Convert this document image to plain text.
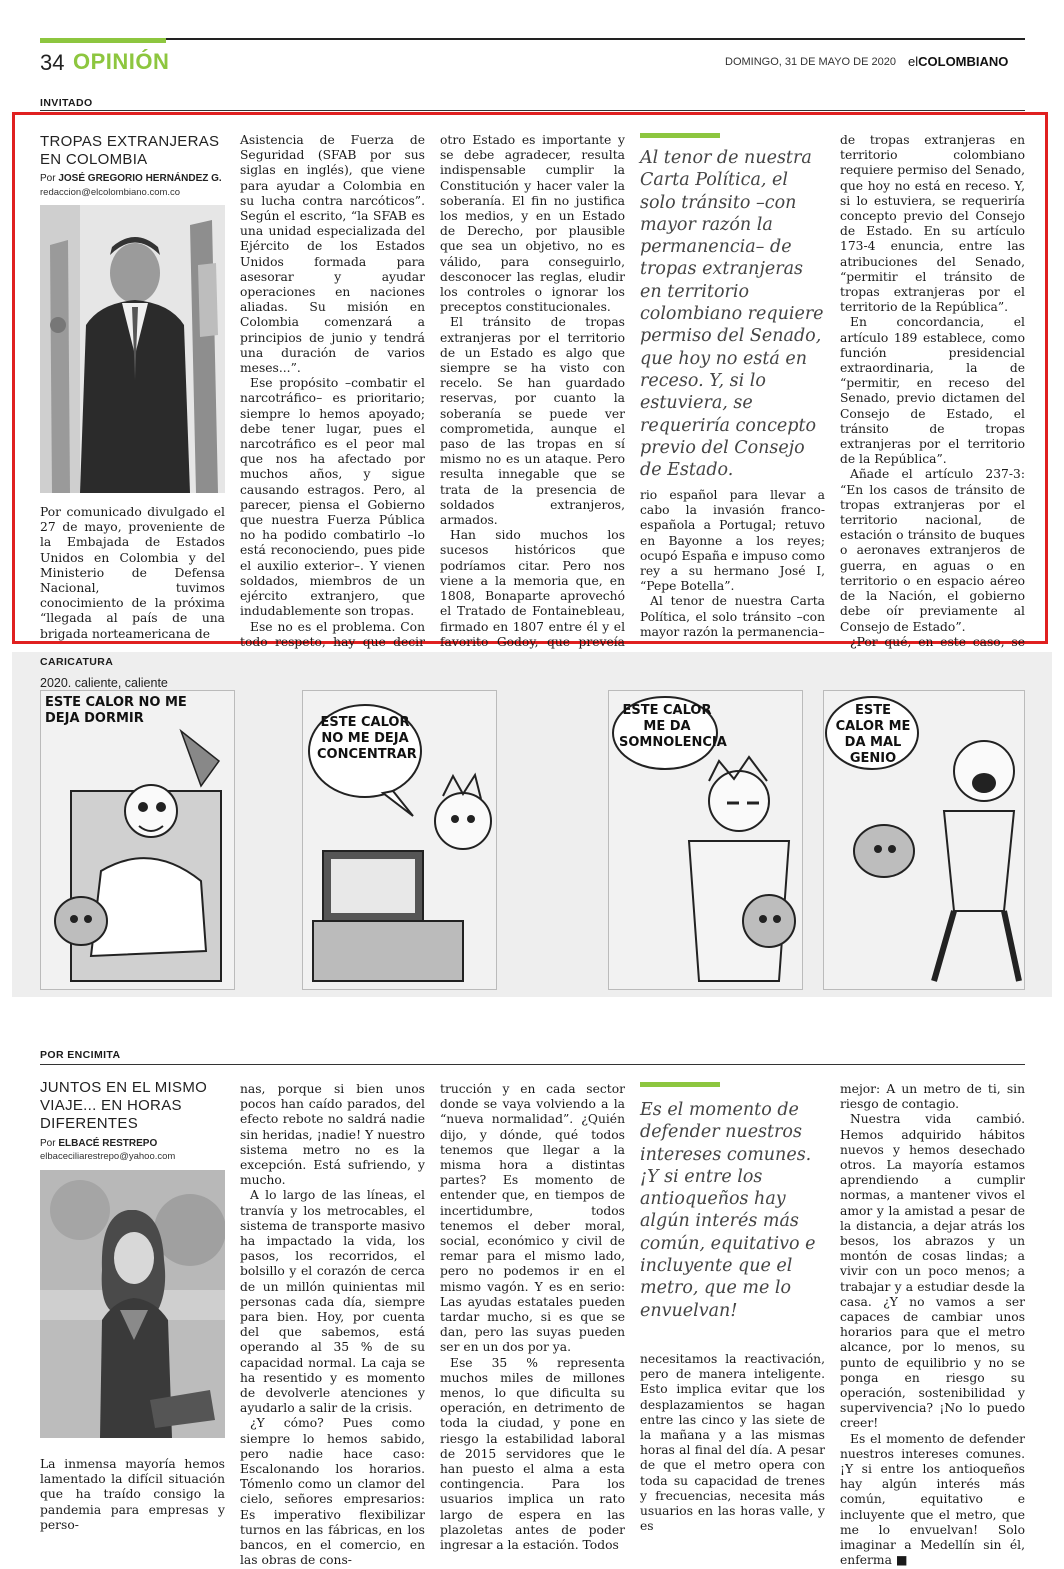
34 OPINIÓN	DOMINGO, 31 DE MAYO DE 2020 elCOLOMBIANO
INVITADO
TROPAS EXTRANJERAS
EN COLOMBIA
Por JOSÉ GREGORIO HERNÁNDEZ G.
redaccion@elcolombiano.com.co

Por comunicado divulgado el 27 de mayo, proveniente de la Embajada de Estados Unidos en Colombia y del Ministerio de Defensa Nacional, tuvimos conocimiento de la próxima “llegada al país de una brigada norteamericana de

Asistencia de Fuerza de Seguridad (SFAB por sus siglas en inglés), que viene para ayudar a Colombia en su lucha contra narcóticos”. Según el escrito, “la SFAB es una unidad especializada del Ejército de los Estados Unidos formada para asesorar y ayudar operaciones en naciones aliadas. Su misión en Colombia comenzará a principios de junio y tendrá una duración de varios meses...”.

Ese propósito –combatir el narcotráfico– es prioritario; siempre lo hemos apoyado; debe tener lugar, pues el narcotráfico es el peor mal que nos ha afectado por muchos años, y sigue causando estragos. Pero, al parecer, piensa el Gobierno que nuestra Fuerza Pública no ha podido combatirlo –lo está reconociendo, pues pide el auxilio exterior–. Y vienen soldados, miembros de un ejército extranjero, que indudablemente son tropas.

Ese no es el problema. Con todo respeto, hay que decir

otro Estado es importante y se debe agradecer, resulta indispensable cumplir la Constitución y hacer valer la soberanía. El fin no justifica los medios, y en un Estado de Derecho, por plausible que sea un objetivo, no es válido, para conseguirlo, desconocer las reglas, eludir los controles o ignorar los preceptos constitucionales.

El tránsito de tropas extranjeras por el territorio de un Estado es algo que siempre se ha visto con recelo. Se han guardado reservas, por cuanto la soberanía se puede ver comprometida, aunque el paso de las tropas en sí mismo no es un ataque. Pero resulta innegable que se trata de la presencia de soldados extranjeros, armados.

Han sido muchos los sucesos históricos que podríamos citar. Pero nos viene a la memoria que, en 1808, Bonaparte aprovechó el Tratado de Fontainebleau, firmado en 1807 entre él y el favorito Godoy, que preveía

Al tenor de nuestra Carta Política, el solo tránsito –con mayor razón la permanencia– de tropas extranjeras en territorio colombiano requiere permiso del Senado, que hoy no está en receso. Y, si lo estuviera, se requeriría concepto previo del Consejo de Estado.

rio español para llevar a cabo la invasión franco-española a Portugal; retuvo en Bayonne a los reyes; ocupó España e impuso como rey a su hermano José I, “Pepe Botella”.

Al tenor de nuestra Carta Política, el solo tránsito –con mayor razón la permanencia–

de tropas extranjeras en territorio colombiano requiere permiso del Senado, que hoy no está en receso. Y, si lo estuviera, se requeriría concepto previo del Consejo de Estado. En su artículo 173-4 enuncia, entre las atribuciones del Senado, “permitir el tránsito de tropas extranjeras por el territorio de la República”.

En concordancia, el artículo 189 establece, como función presidencial extraordinaria, la de “permitir, en receso del Senado, previo dictamen del Consejo de Estado, el tránsito de tropas extranjeras por el territorio de la República”.

Añade el artículo 237-3: “En los casos de tránsito de tropas extranjeras por el territorio nacional, de estación o tránsito de buques o aeronaves extranjeros de guerra, en aguas o en territorio o en espacio aéreo de la Nación, el gobierno debe oír previamente al Consejo de Estado”.

¿Por qué, en este caso, se

CARICATURA
2020. caliente, caliente
ESTE CALOR NO ME DEJA DORMIR	ESTE CALOR NO ME DEJA CONCENTRAR
ESTE CALOR ME DA SOMNOLENCIA
ESTE CALOR ME DA MAL GENIO
POR ENCIMITA
JUNTOS EN EL MISMO
VIAJE... EN HORAS
DIFERENTES
Por ELBACÉ RESTREPO
elbaceciliarestrepo@yahoo.com

La inmensa mayoría hemos lamentado la difícil situación que ha traído consigo la pandemia para empresas y perso-

nas, porque si bien unos pocos han caído parados, del efecto rebote no saldrá nadie sin heridas, ¡nadie! Y nuestro sistema metro no es la excepción. Está sufriendo, y mucho.

A lo largo de las líneas, el tranvía y los metrocables, el sistema de transporte masivo ha impactado la vida, los pasos, los recorridos, el bolsillo y el corazón de cerca de un millón quinientas mil personas cada día, siempre para bien. Hoy, por cuenta del que sabemos, está operando al 35 % de su capacidad normal. La caja se ha resentido y es momento de devolverle atenciones y ayudarlo a salir de la crisis.

¿Y cómo? Pues como siempre lo hemos sabido, pero nadie hace caso: Escalonando los horarios. Tómenlo como un clamor del cielo, señores empresarios: Es imperativo flexibilizar turnos en las fábricas, en los bancos, en el comercio, en las obras de cons-

trucción y en cada sector donde se vaya volviendo a la “nueva normalidad”. ¿Quién dijo, y dónde, qué todos tenemos que llegar a la misma hora a distintas partes? Es momento de entender que, en tiempos de incertidumbre, todos tenemos el deber moral, social, económico y civil de remar para el mismo lado, pero no podemos ir en el mismo vagón. Y es en serio: Las ayudas estatales pueden tardar mucho, si es que se dan, pero las suyas pueden ser en un dos por ya.

Ese 35 % representa muchos miles de millones menos, lo que dificulta su operación, en detrimento de toda la ciudad, y pone en riesgo la estabilidad laboral de 2015 servidores que le han puesto el alma a esta contingencia. Para los usuarios implica un rato largo de espera en las plazoletas antes de poder ingresar a la estación. Todos

Es el momento de defender nuestros intereses comunes. ¡Y si entre los antioqueños hay algún interés más común, equitativo e incluyente que el metro, que me lo envuelvan!

necesitamos la reactivación, pero de manera inteligente. Esto implica evitar que los desplazamientos se hagan entre las cinco y las siete de la mañana y a las mismas horas al final del día. A pesar de que el metro opera con toda su capacidad de trenes y frecuencias, necesita más usuarios en las horas valle, y es

mejor: A un metro de ti, sin riesgo de contagio.

Nuestra vida cambió. Hemos adquirido hábitos nuevos y hemos desechado otros. La mayoría estamos aprendiendo a cumplir normas, a mantener vivos el amor y la amistad a pesar de la distancia, a dejar atrás los besos, los abrazos y un montón de cosas lindas; a vivir con un poco menos; a trabajar y a estudiar desde la casa. ¿Y no vamos a ser capaces de cambiar unos horarios para que el metro alcance, por lo menos, su punto de equilibrio y no se ponga en riesgo su operación, sostenibilidad y supervivencia? ¡No lo puedo creer!

Es el momento de defender nuestros intereses comunes. ¡Y si entre los antioqueños hay algún interés más común, equitativo e incluyente que el metro, que me lo envuelvan! Solo imaginar a Medellín sin él, enferma ■
